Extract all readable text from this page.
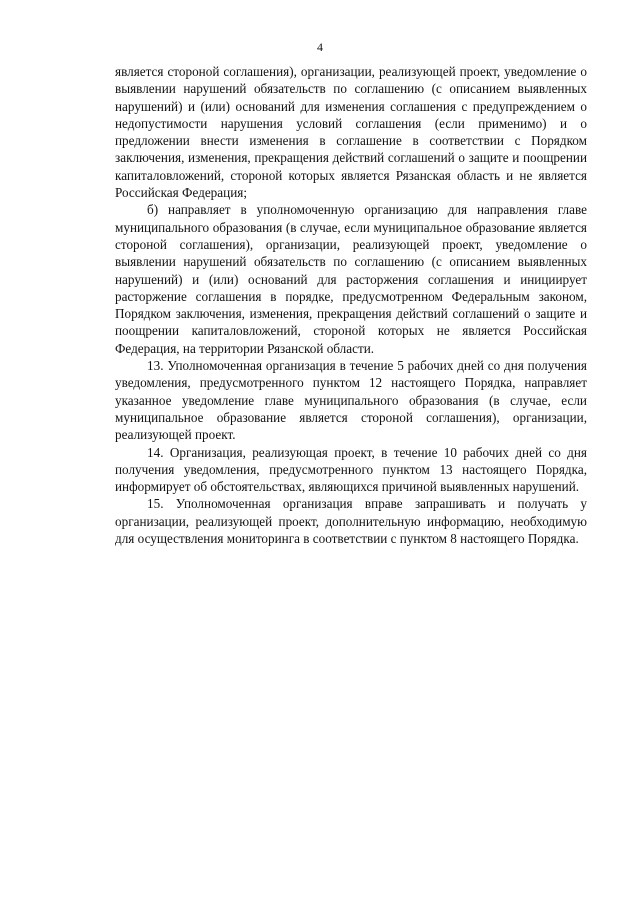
4

является стороной соглашения), организации, реализующей проект, уведомление о выявлении нарушений обязательств по соглашению (с описанием выявленных нарушений) и (или) оснований для изменения соглашения с предупреждением о недопустимости нарушения условий соглашения (если применимо) и о предложении внести изменения в соглашение в соответствии с Порядком заключения, изменения, прекращения действий соглашений о защите и поощрении капиталовложений, стороной которых является Рязанская область и не является Российская Федерация;

б) направляет в уполномоченную организацию для направления главе муниципального образования (в случае, если муниципальное образование является стороной соглашения), организации, реализующей проект, уведомление о выявлении нарушений обязательств по соглашению (с описанием выявленных нарушений) и (или) оснований для расторжения соглашения и инициирует расторжение соглашения в порядке, предусмотренном Федеральным законом, Порядком заключения, изменения, прекращения действий соглашений о защите и поощрении капиталовложений, стороной которых не является Российская Федерация, на территории Рязанской области.

13. Уполномоченная организация в течение 5 рабочих дней со дня получения уведомления, предусмотренного пунктом 12 настоящего Порядка, направляет указанное уведомление главе муниципального образования (в случае, если муниципальное образование является стороной соглашения), организации, реализующей проект.

14. Организация, реализующая проект, в течение 10 рабочих дней со дня получения уведомления, предусмотренного пунктом 13 настоящего Порядка, информирует об обстоятельствах, являющихся причиной выявленных нарушений.

15. Уполномоченная организация вправе запрашивать и получать у организации, реализующей проект, дополнительную информацию, необходимую для осуществления мониторинга в соответствии с пунктом 8 настоящего Порядка.
